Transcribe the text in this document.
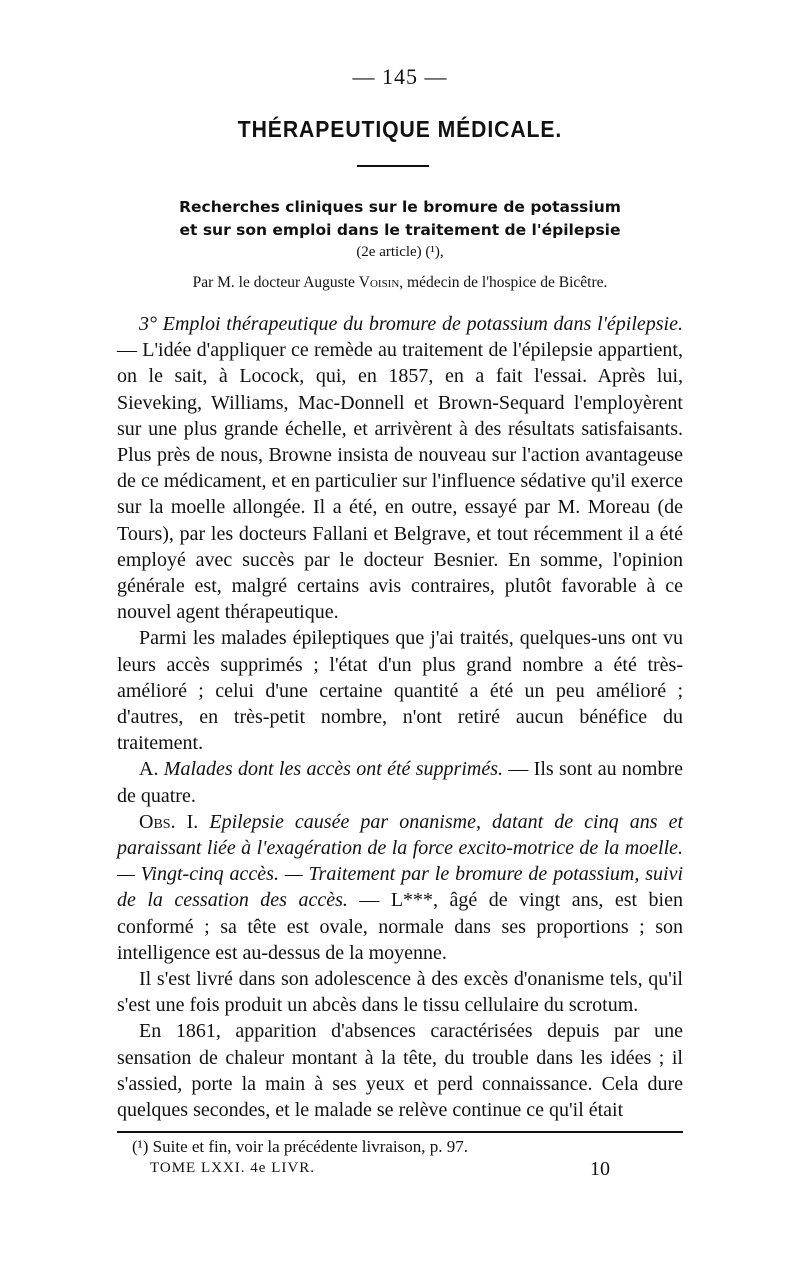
— 145 —
THÉRAPEUTIQUE MÉDICALE.
Recherches cliniques sur le bromure de potassium
et sur son emploi dans le traitement de l'épilepsie
(2e article) (¹),
Par M. le docteur Auguste Voisin, médecin de l'hospice de Bicêtre.

3° Emploi thérapeutique du bromure de potassium dans l'épilepsie. — L'idée d'appliquer ce remède au traitement de l'épilepsie appartient, on le sait, à Locock, qui, en 1857, en a fait l'essai. Après lui, Sieveking, Williams, Mac-Donnell et Brown-Sequard l'employèrent sur une plus grande échelle, et arrivèrent à des résultats satisfaisants. Plus près de nous, Browne insista de nouveau sur l'action avantageuse de ce médicament, et en particulier sur l'influence sédative qu'il exerce sur la moelle allongée. Il a été, en outre, essayé par M. Moreau (de Tours), par les docteurs Fallani et Belgrave, et tout récemment il a été employé avec succès par le docteur Besnier. En somme, l'opinion générale est, malgré certains avis contraires, plutôt favorable à ce nouvel agent thérapeutique.

Parmi les malades épileptiques que j'ai traités, quelques-uns ont vu leurs accès supprimés ; l'état d'un plus grand nombre a été très-amélioré ; celui d'une certaine quantité a été un peu amélioré ; d'autres, en très-petit nombre, n'ont retiré aucun bénéfice du traitement.

A. Malades dont les accès ont été supprimés. — Ils sont au nombre de quatre.

Obs. I. Epilepsie causée par onanisme, datant de cinq ans et paraissant liée à l'exagération de la force excito-motrice de la moelle. — Vingt-cinq accès. — Traitement par le bromure de potassium, suivi de la cessation des accès. — L***, âgé de vingt ans, est bien conformé ; sa tête est ovale, normale dans ses proportions ; son intelligence est au-dessus de la moyenne.

Il s'est livré dans son adolescence à des excès d'onanisme tels, qu'il s'est une fois produit un abcès dans le tissu cellulaire du scrotum.

En 1861, apparition d'absences caractérisées depuis par une sensation de chaleur montant à la tête, du trouble dans les idées ; il s'assied, porte la main à ses yeux et perd connaissance. Cela dure quelques secondes, et le malade se relève continue ce qu'il était

(¹) Suite et fin, voir la précédente livraison, p. 97.
TOME LXXI. 4e LIVR.	10
